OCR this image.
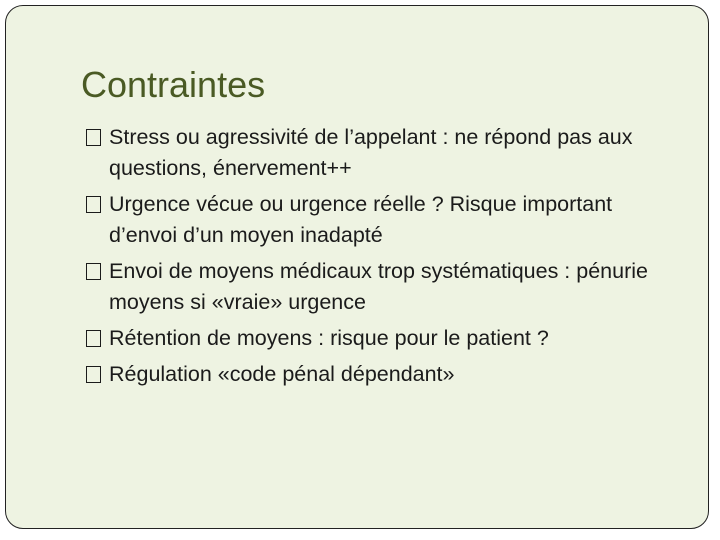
Contraintes
Stress ou agressivité de l’appelant : ne répond pas aux questions, énervement++
Urgence vécue ou urgence réelle ? Risque important d’envoi d’un moyen inadapté
Envoi de moyens médicaux trop systématiques : pénurie moyens si «vraie» urgence
Rétention de moyens : risque pour le patient ?
Régulation «code pénal dépendant»
